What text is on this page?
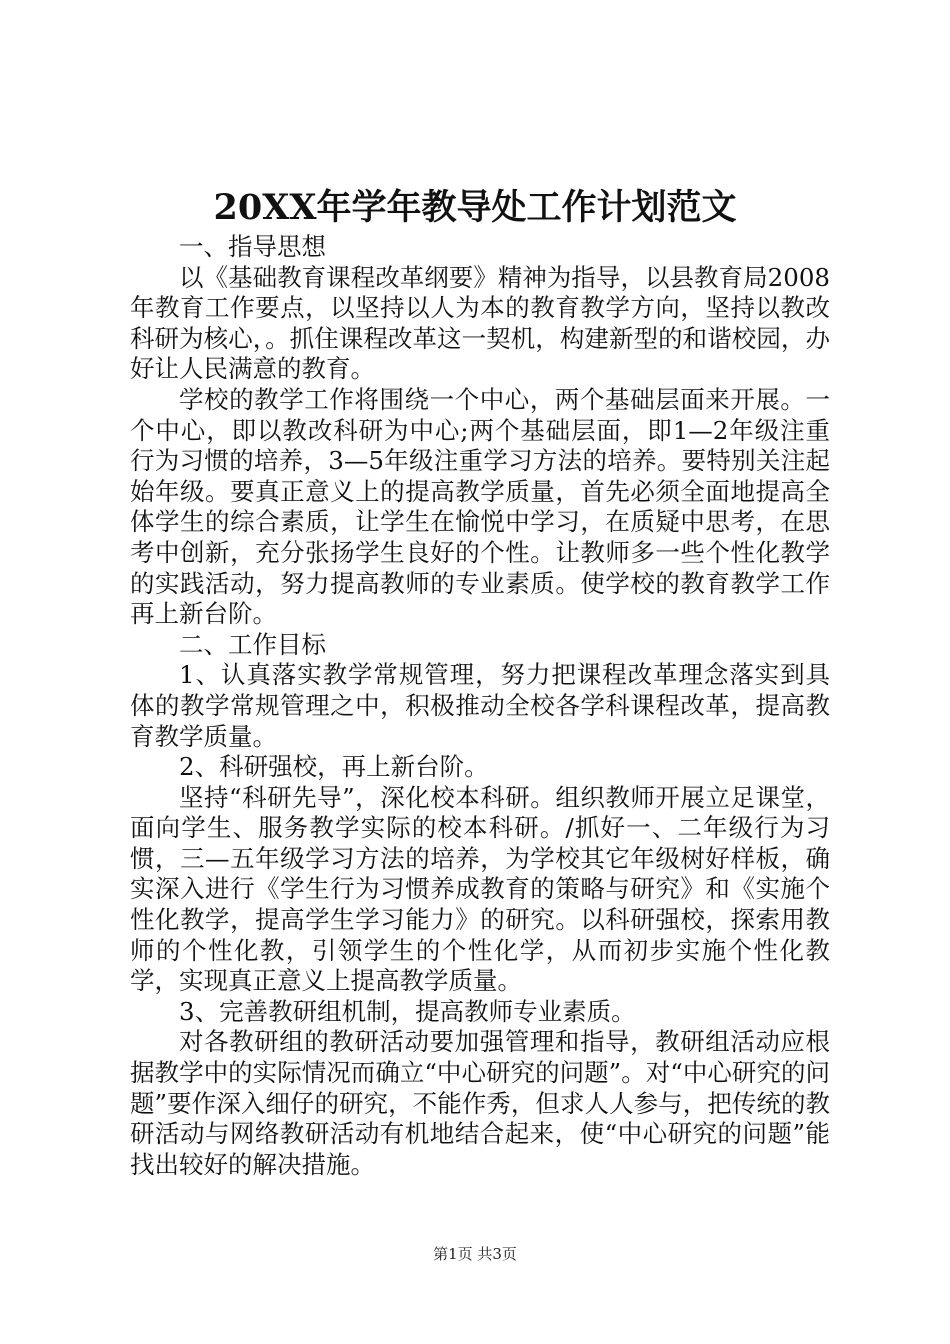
20XX年学年教导处工作计划范文

一、指导思想

以《基础教育课程改革纲要》精神为指导，以县教育局2008年教育工作要点，以坚持以人为本的教育教学方向，坚持以教改科研为核心，。抓住课程改革这一契机，构建新型的和谐校园，办好让人民满意的教育。

学校的教学工作将围绕一个中心，两个基础层面来开展。一个中心，即以教改科研为中心;两个基础层面，即1—2年级注重行为习惯的培养，3—5年级注重学习方法的培养。要特别关注起始年级。要真正意义上的提高教学质量，首先必须全面地提高全体学生的综合素质，让学生在愉悦中学习，在质疑中思考，在思考中创新，充分张扬学生良好的个性。让教师多一些个性化教学的实践活动，努力提高教师的专业素质。使学校的教育教学工作再上新台阶。

二、工作目标

1、认真落实教学常规管理，努力把课程改革理念落实到具体的教学常规管理之中，积极推动全校各学科课程改革，提高教育教学质量。

2、科研强校，再上新台阶。

坚持“科研先导”，深化校本科研。组织教师开展立足课堂，面向学生、服务教学实际的校本科研。/抓好一、二年级行为习惯，三—五年级学习方法的培养，为学校其它年级树好样板，确实深入进行《学生行为习惯养成教育的策略与研究》和《实施个性化教学，提高学生学习能力》的研究。以科研强校，探索用教师的个性化教，引领学生的个性化学，从而初步实施个性化教学，实现真正意义上提高教学质量。

3、完善教研组机制，提高教师专业素质。

对各教研组的教研活动要加强管理和指导，教研组活动应根据教学中的实际情况而确立“中心研究的问题”。对“中心研究的问题”要作深入细仔的研究，不能作秀，但求人人参与，把传统的教研活动与网络教研活动有机地结合起来，使“中心研究的问题”能找出较好的解决措施。

第1页 共3页
